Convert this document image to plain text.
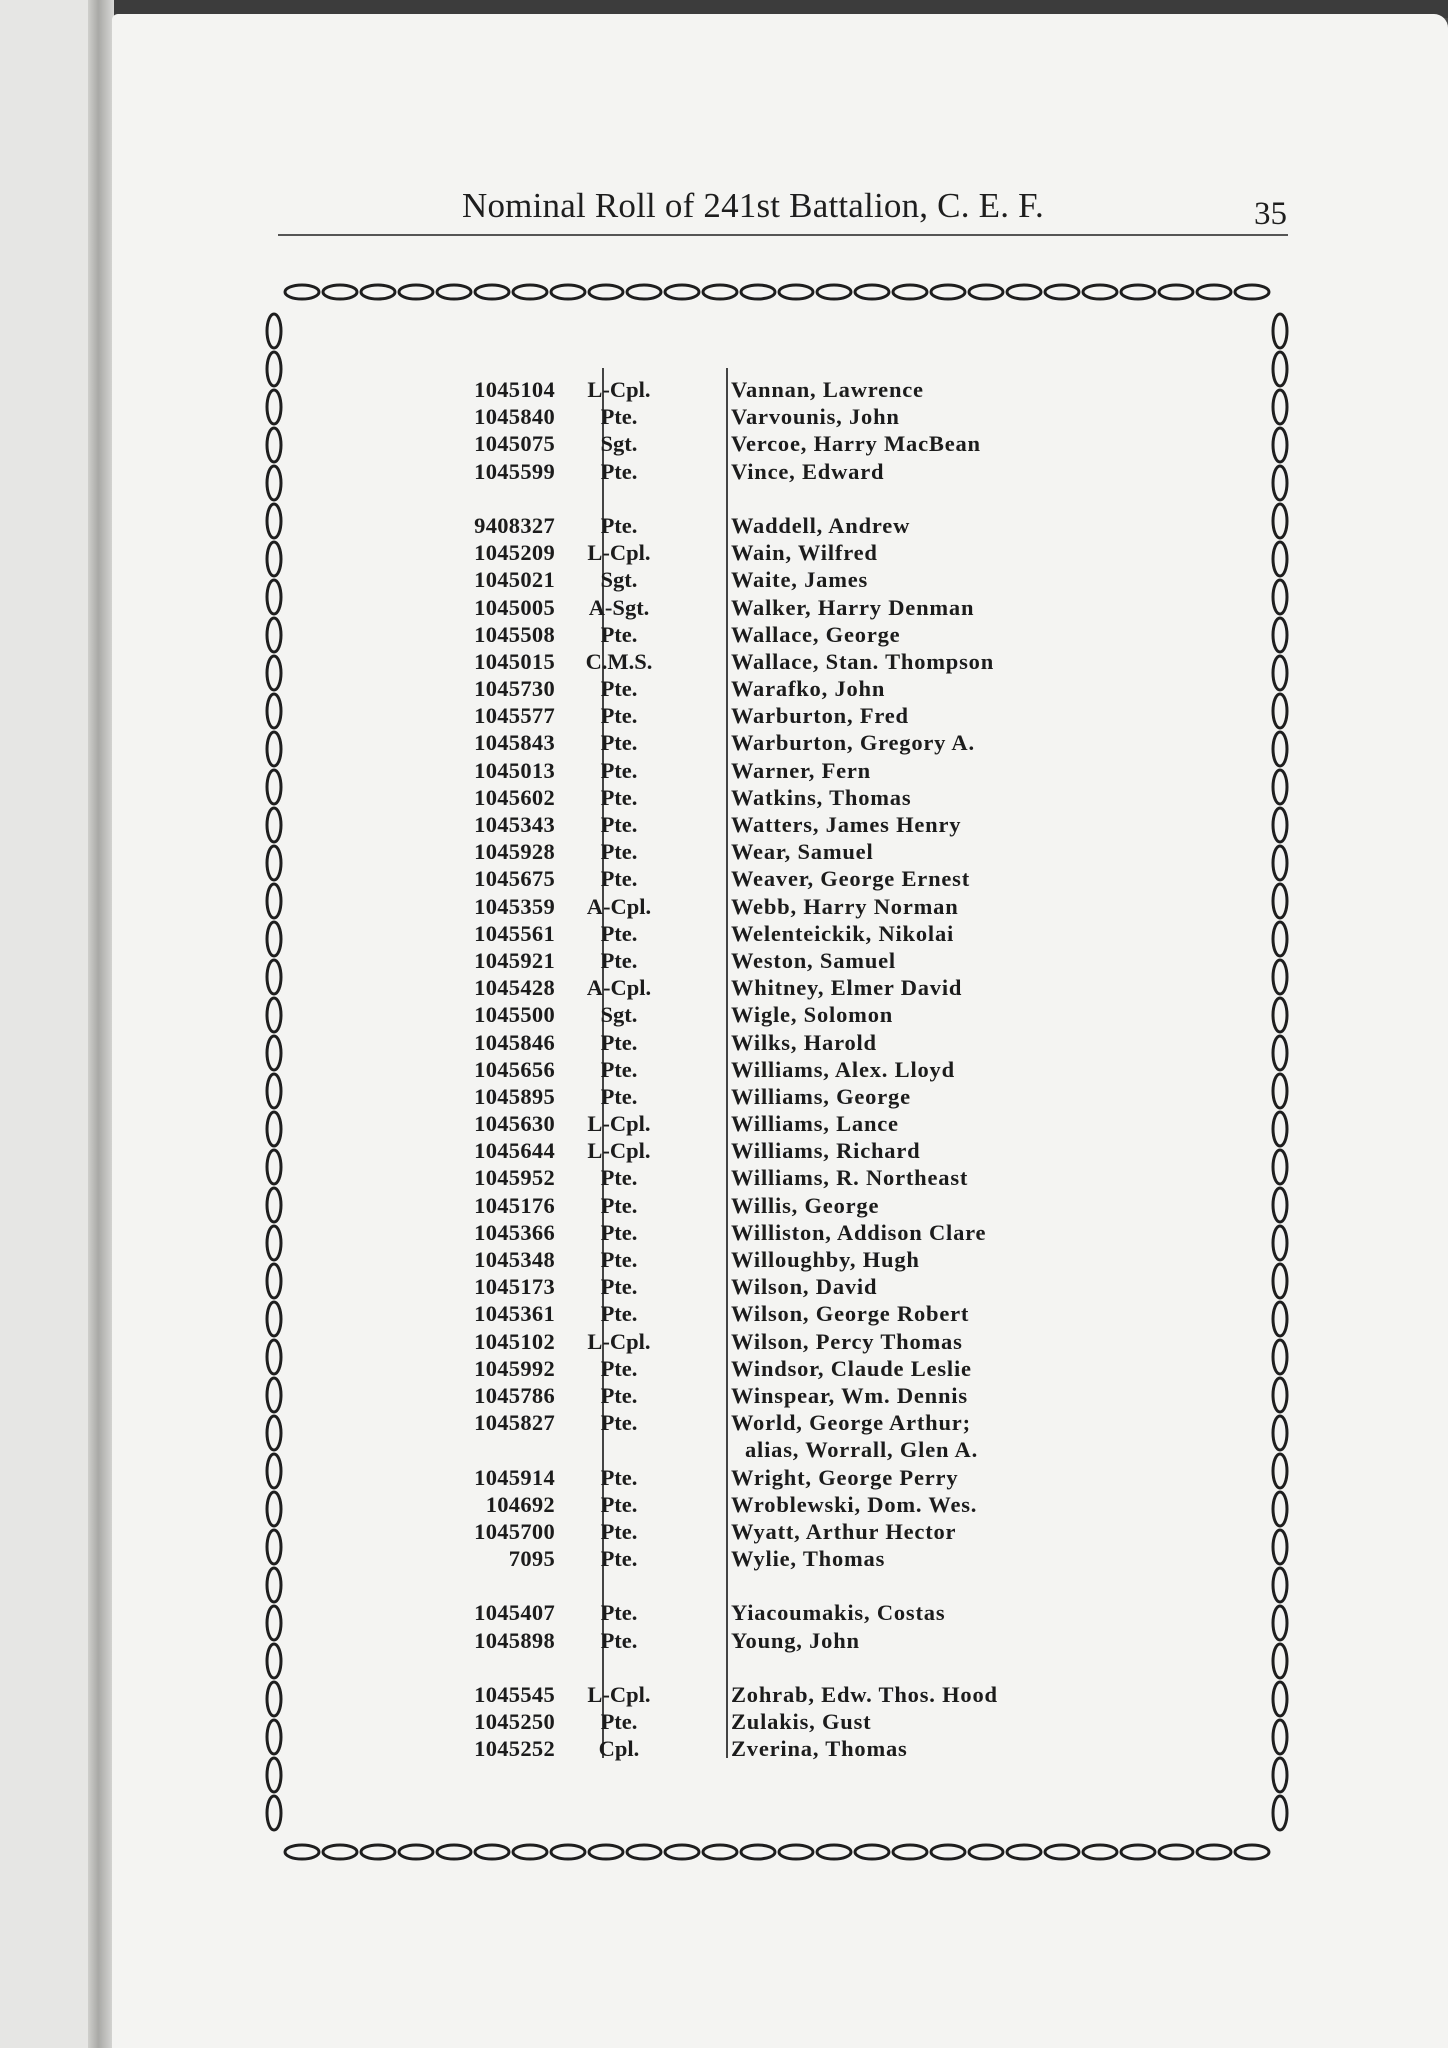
Nominal Roll of 241st Battalion, C. E. F.	35
1045104	L-Cpl.	Vannan, Lawrence
1045840	Pte.	Varvounis, John
1045075	Sgt.	Vercoe, Harry MacBean
1045599	Pte.	Vince, Edward
9408327	Pte.	Waddell, Andrew
1045209	L-Cpl.	Wain, Wilfred
1045021	Sgt.	Waite, James
1045005	A-Sgt.	Walker, Harry Denman
1045508	Pte.	Wallace, George
1045015	C.M.S.	Wallace, Stan. Thompson
1045730	Pte.	Warafko, John
1045577	Pte.	Warburton, Fred
1045843	Pte.	Warburton, Gregory A.
1045013	Pte.	Warner, Fern
1045602	Pte.	Watkins, Thomas
1045343	Pte.	Watters, James Henry
1045928	Pte.	Wear, Samuel
1045675	Pte.	Weaver, George Ernest
1045359	A-Cpl.	Webb, Harry Norman
1045561	Pte.	Welenteickik, Nikolai
1045921	Pte.	Weston, Samuel
1045428	A-Cpl.	Whitney, Elmer David
1045500	Sgt.	Wigle, Solomon
1045846	Pte.	Wilks, Harold
1045656	Pte.	Williams, Alex. Lloyd
1045895	Pte.	Williams, George
1045630	L-Cpl.	Williams, Lance
1045644	L-Cpl.	Williams, Richard
1045952	Pte.	Williams, R. Northeast
1045176	Pte.	Willis, George
1045366	Pte.	Williston, Addison Clare
1045348	Pte.	Willoughby, Hugh
1045173	Pte.	Wilson, David
1045361	Pte.	Wilson, George Robert
1045102	L-Cpl.	Wilson, Percy Thomas
1045992	Pte.	Windsor, Claude Leslie
1045786	Pte.	Winspear, Wm. Dennis
1045827	Pte.	World, George Arthur;
alias, Worrall, Glen A.
1045914	Pte.	Wright, George Perry
104692	Pte.	Wroblewski, Dom. Wes.
1045700	Pte.	Wyatt, Arthur Hector
7095	Pte.	Wylie, Thomas
1045407	Pte.	Yiacoumakis, Costas
1045898	Pte.	Young, John
1045545	L-Cpl.	Zohrab, Edw. Thos. Hood
1045250	Pte.	Zulakis, Gust
1045252	Cpl.	Zverina, Thomas
